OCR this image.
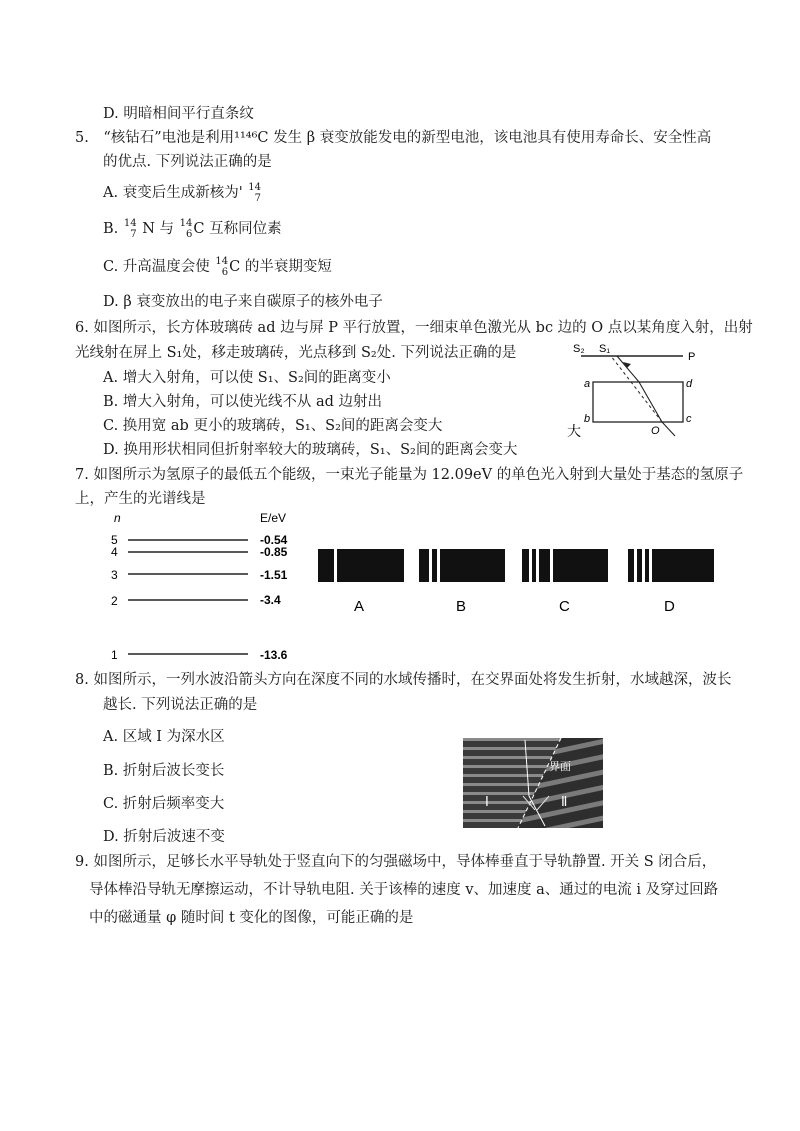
D. 明暗相间平行直条纹
5.　“核钻石”电池是利用¹¹⁴⁶C 发生 β 衰变放能发电的新型电池，该电池具有使用寿命长、安全性高
的优点. 下列说法正确的是
A. 衰变后生成新核为' 14
7
B. 14
7 N 与 14
6 C 互称同位素
C. 升高温度会使 14
6 C 的半衰期变短
D. β 衰变放出的电子来自碳原子的核外电子
6. 如图所示，长方体玻璃砖 ad 边与屏 P 平行放置，一细束单色激光从 bc 边的 O 点以某角度入射，出射
光线射在屏上 S₁处，移走玻璃砖，光点移到 S₂处. 下列说法正确的是
A. 增大入射角，可以使 S₁、S₂间的距离变小
B. 增大入射角，可以使光线不从 ad 边射出
C. 换用宽 ab 更小的玻璃砖，S₁、S₂间的距离会变大
D. 换用形状相同但折射率较大的玻璃砖，S₁、S₂间的距离会变大
S₂ S₁
P
a	d
b	c
O
大
7. 如图所示为氢原子的最低五个能级，一束光子能量为 12.09eV 的单色光入射到大量处于基态的氢原子
上，产生的光谱线是
n	E/eV
5	-0.54
4	-0.85
3	-1.51
2	-3.4
1	-13.6
A	B	C	D
8. 如图所示，一列水波沿箭头方向在深度不同的水域传播时，在交界面处将发生折射，水域越深，波长
越长. 下列说法正确的是
A. 区域 Ⅰ 为深水区
B. 折射后波长变长
C. 折射后频率变大
D. 折射后波速不变
界面
Ⅰ	Ⅱ
9. 如图所示，足够长水平导轨处于竖直向下的匀强磁场中，导体棒垂直于导轨静置. 开关 S 闭合后，
导体棒沿导轨无摩擦运动，不计导轨电阻. 关于该棒的速度 v、加速度 a、通过的电流 i 及穿过回路
中的磁通量 φ 随时间 t 变化的图像，可能正确的是
